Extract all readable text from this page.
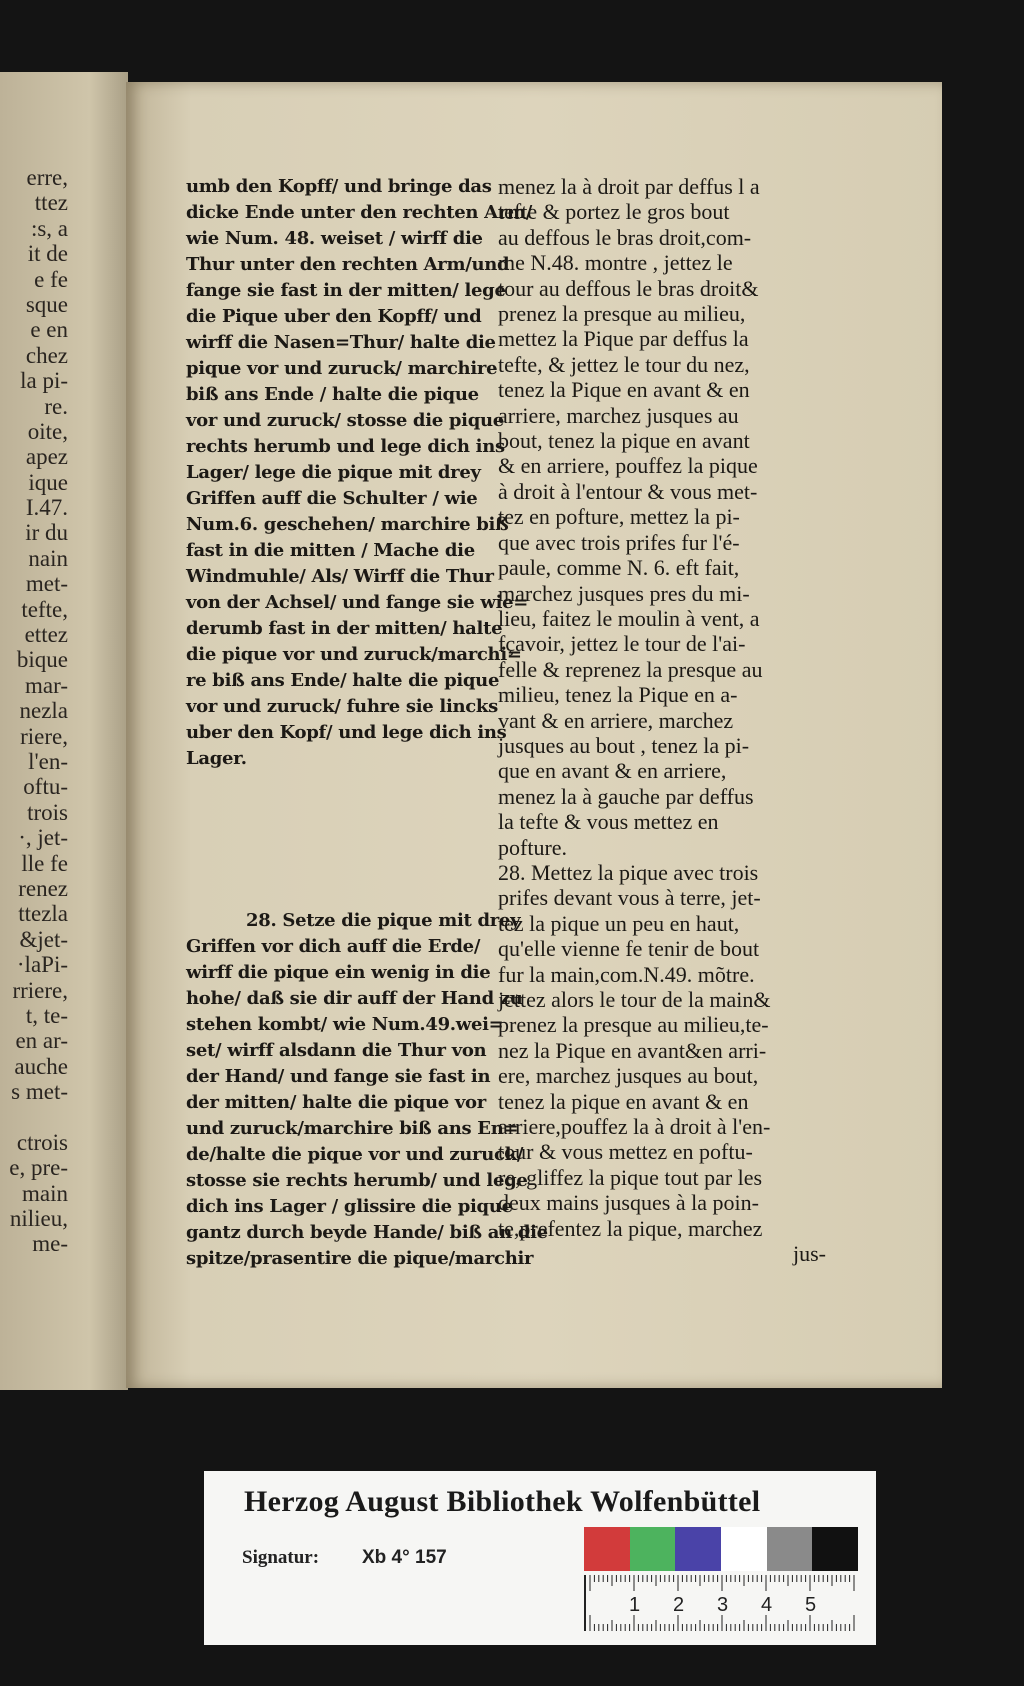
erre,
ttez
:s, a
it de
e fe
sque
e en
chez
la pi-
re.
oite,
apez
ique
I.47.
ir du
nain
met-
tefte,
ettez
bique
mar-
nezla
riere,
l'en-
oftu-
trois
·, jet-
lle fe
renez
ttezla
&jet-
·laPi-
rriere,
t, te-
en ar-
auche
s met-
ctrois
e, pre-
main
nilieu,
me-
umb den Kopff/ und bringe das
dicke Ende unter den rechten Arm/
wie Num. 48. weiset / wirff die
Thur unter den rechten Arm/und
fange sie fast in der mitten/ lege
die Pique uber den Kopff/ und
wirff die Nasen=Thur/ halte die
pique vor und zuruck/ marchire
biß ans Ende / halte die pique
vor und zuruck/ stosse die pique
rechts herumb und lege dich ins
Lager/ lege die pique mit drey
Griffen auff die Schulter / wie
Num.6. geschehen/ marchire biß
fast in die mitten / Mache die
Windmuhle/ Als/ Wirff die Thur
von der Achsel/ und fange sie wie=
derumb fast in der mitten/ halte
die pique vor und zuruck/marchi=
re biß ans Ende/ halte die pique
vor und zuruck/ fuhre sie lincks
uber den Kopf/ und lege dich ins
Lager.
28. Setze die pique mit drey
Griffen vor dich auff die Erde/
wirff die pique ein wenig in die
hohe/ daß sie dir auff der Hand zu
stehen kombt/ wie Num.49.wei=
set/ wirff alsdann die Thur von
der Hand/ und fange sie fast in
der mitten/ halte die pique vor
und zuruck/marchire biß ans En=
de/halte die pique vor und zuruck/
stosse sie rechts herumb/ und lege
dich ins Lager / glissire die pique
gantz durch beyde Hande/ biß an die
spitze/prasentire die pique/marchir
menez la à droit par deffus l a
tefte & portez le gros bout
au deffous le bras droit,com-
me N.48. montre , jettez le
tour au deffous le bras droit&
prenez la presque au milieu,
mettez la Pique par deffus la
tefte, & jettez le tour du nez,
tenez la Pique en avant & en
arriere, marchez jusques au
bout, tenez la pique en avant
& en arriere, pouffez la pique
à droit à l'entour & vous met-
tez en pofture, mettez la pi-
que avec trois prifes fur l'é-
paule, comme N. 6. eft fait,
marchez jusques pres du mi-
lieu, faitez le moulin à vent, a
fçavoir, jettez le tour de l'ai-
felle & reprenez la presque au
milieu, tenez la Pique en a-
vant & en arriere, marchez
jusques au bout , tenez la pi-
que en avant & en arriere,
menez la à gauche par deffus
la tefte & vous mettez en
pofture.
28. Mettez la pique avec trois
prifes devant vous à terre, jet-
tez la pique un peu en haut,
qu'elle vienne fe tenir de bout
fur la main,com.N.49. mõtre.
jettez alors le tour de la main&
prenez la presque au milieu,te-
nez la Pique en avant&en arri-
ere, marchez jusques au bout,
tenez la pique en avant & en
arriere,pouffez la à droit à l'en-
tour & vous mettez en poftu-
re, gliffez la pique tout par les
deux mains jusques à la poin-
te,prefentez la pique, marchez
jus-
Herzog August Bibliothek Wolfenbüttel
Signatur: Xb 4° 157
1 2 3 4 5
